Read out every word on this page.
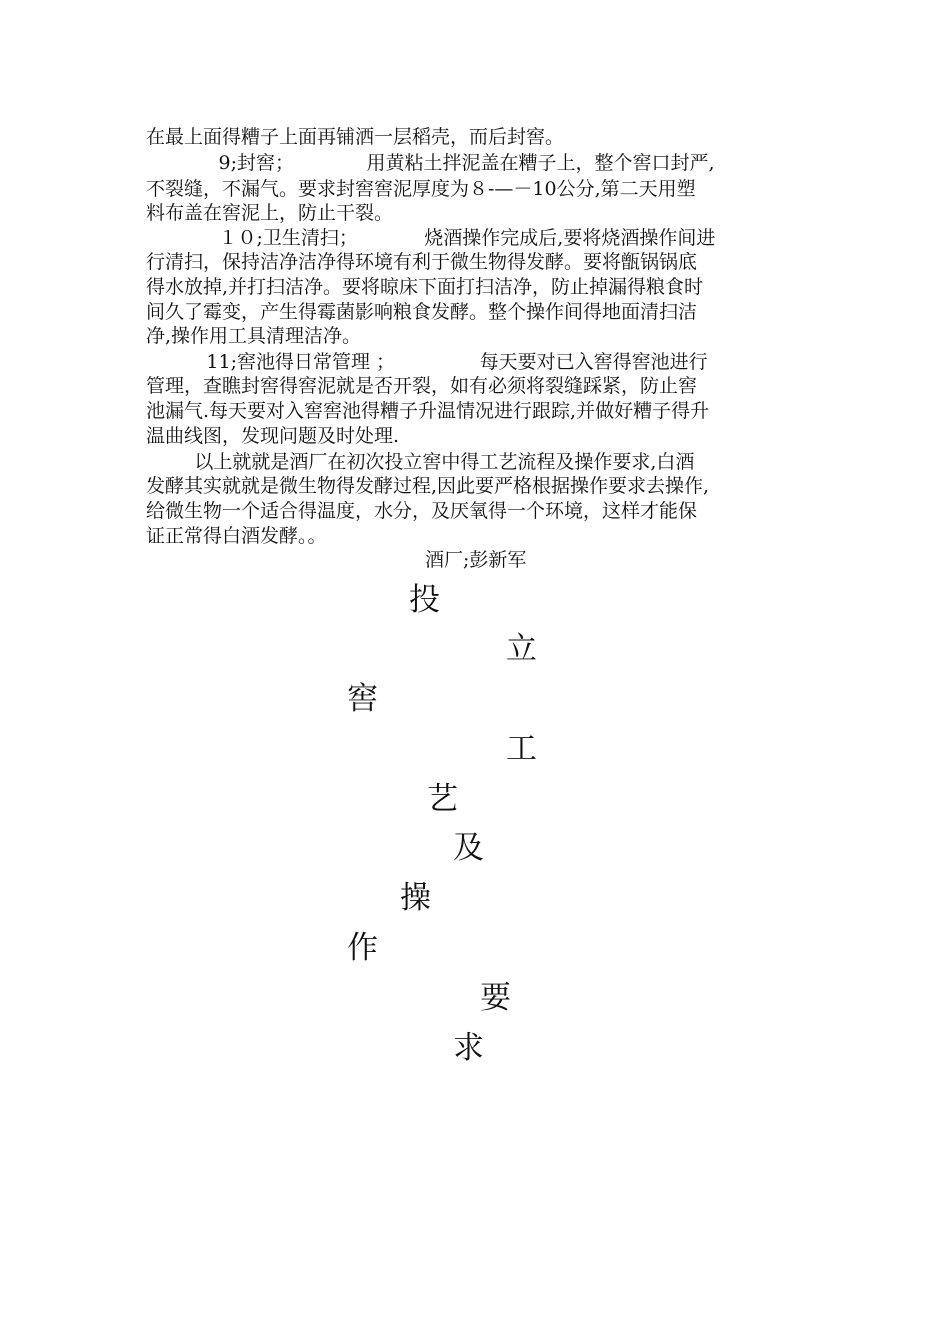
在最上面得糟子上面再铺洒一层稻壳，而后封窖。
9;封窖；            用黄粘土拌泥盖在糟子上，整个窖口封严,
不裂缝，不漏气。要求封窖窖泥厚度为８-—－10公分,第二天用塑
料布盖在窖泥上，防止干裂。
１０;卫生清扫；           烧酒操作完成后,要将烧酒操作间进
行清扫，保持洁净洁净得环境有利于微生物得发酵。要将甑锅锅底
得水放掉,并打扫洁净。要将晾床下面打扫洁净，防止掉漏得粮食时
间久了霉变，产生得霉菌影响粮食发酵。整个操作间得地面清扫洁
净,操作用工具清理洁净。
11;窖池得日常管理 ；              每天要对已入窖得窖池进行
管理，查瞧封窖得窖泥就是否开裂，如有必须将裂缝踩紧，防止窖
池漏气.每天要对入窖窖池得糟子升温情况进行跟踪,并做好糟子得升
温曲线图，发现问题及时处理.
以上就就是酒厂在初次投立窖中得工艺流程及操作要求,白酒
发酵其实就就是微生物得发酵过程,因此要严格根据操作要求去操作,
给微生物一个适合得温度，水分，及厌氧得一个环境，这样才能保
证正常得白酒发酵。。
酒厂;彭新军
投
立
窖
工
艺
及
操
作
要
求
